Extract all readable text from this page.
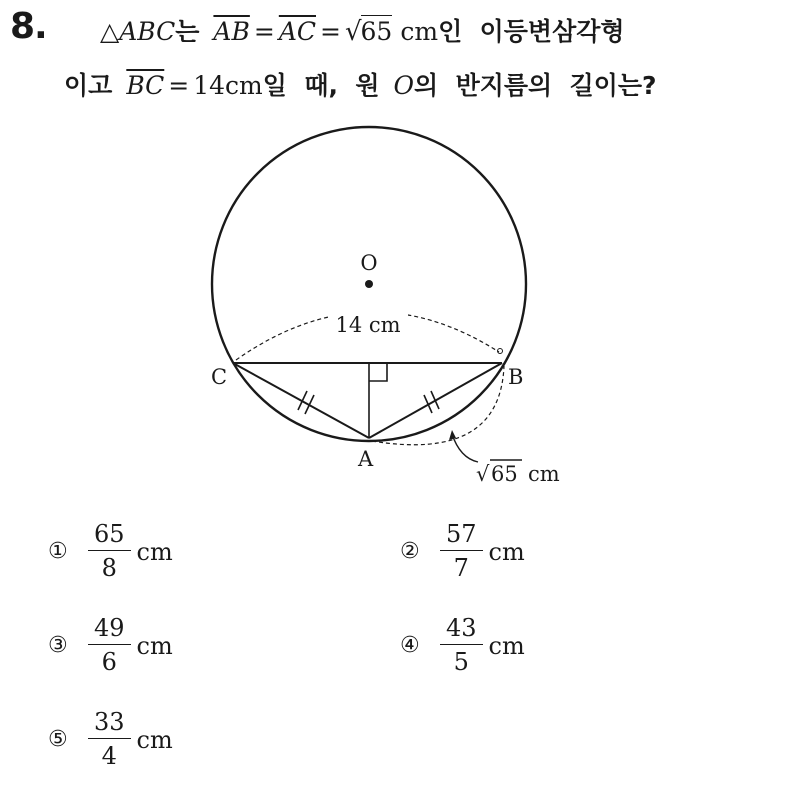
8. △ ABC 는 $\overline{AB} = \overline{AC}$ = √ 65 cm 인  이등변삼각형
이고 $\overline{BC} = 14$ cm 일  때,  원 O 의  반지름의  길이는?
O
14 cm
C	B
A
√ 65 cm
① $\frac{65}{8}$ cm	② $\frac{57}{7}$ cm
③ $\frac{49}{6}$ cm	④ $\frac{43}{5}$ cm
⑤ $\frac{33}{4}$ cm
